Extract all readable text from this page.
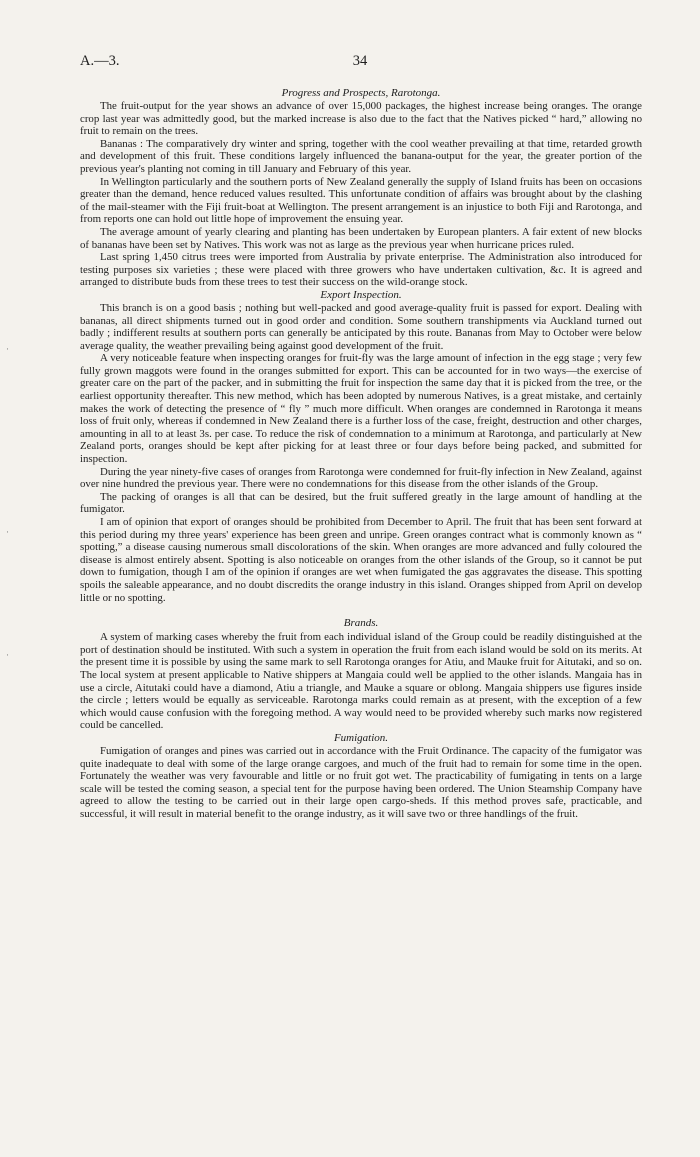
A.—3.	34
Progress and Prospects, Rarotonga.

The fruit-output for the year shows an advance of over 15,000 packages, the highest increase being oranges. The orange crop last year was admittedly good, but the marked increase is also due to the fact that the Natives picked “ hard,” allowing no fruit to remain on the trees.

Bananas : The comparatively dry winter and spring, together with the cool weather prevailing at that time, retarded growth and development of this fruit. These conditions largely influenced the banana-output for the year, the greater portion of the previous year's planting not coming in till January and February of this year.

In Wellington particularly and the southern ports of New Zealand generally the supply of Island fruits has been on occasions greater than the demand, hence reduced values resulted. This unfortunate condition of affairs was brought about by the clashing of the mail-steamer with the Fiji fruit-boat at Wellington. The present arrangement is an injustice to both Fiji and Rarotonga, and from reports one can hold out little hope of improvement the ensuing year.

The average amount of yearly clearing and planting has been undertaken by European planters. A fair extent of new blocks of bananas have been set by Natives. This work was not as large as the previous year when hurricane prices ruled.

Last spring 1,450 citrus trees were imported from Australia by private enterprise. The Administration also introduced for testing purposes six varieties ; these were placed with three growers who have undertaken cultivation, &c. It is agreed and arranged to distribute buds from these trees to test their success on the wild-orange stock.

Export Inspection.

This branch is on a good basis ; nothing but well-packed and good average-quality fruit is passed for export. Dealing with bananas, all direct shipments turned out in good order and condition. Some southern transhipments via Auckland turned out badly ; indifferent results at southern ports can generally be anticipated by this route. Bananas from May to October were below average quality, the weather prevailing being against good development of the fruit.

A very noticeable feature when inspecting oranges for fruit-fly was the large amount of infection in the egg stage ; very few fully grown maggots were found in the oranges submitted for export. This can be accounted for in two ways—the exercise of greater care on the part of the packer, and in submitting the fruit for inspection the same day that it is picked from the tree, or the earliest opportunity thereafter. This new method, which has been adopted by numerous Natives, is a great mistake, and certainly makes the work of detecting the presence of “ fly ” much more difficult. When oranges are condemned in Rarotonga it means loss of fruit only, whereas if condemned in New Zealand there is a further loss of the case, freight, destruction and other charges, amounting in all to at least 3s. per case. To reduce the risk of condemnation to a minimum at Rarotonga, and particularly at New Zealand ports, oranges should be kept after picking for at least three or four days before being packed, and submitted for inspection.

During the year ninety-five cases of oranges from Rarotonga were condemned for fruit-fly infection in New Zealand, against over nine hundred the previous year. There were no condemnations for this disease from the other islands of the Group.

The packing of oranges is all that can be desired, but the fruit suffered greatly in the large amount of handling at the fumigator.

I am of opinion that export of oranges should be prohibited from December to April. The fruit that has been sent forward at this period during my three years' experience has been green and unripe. Green oranges contract what is commonly known as “ spotting,” a disease causing numerous small discolorations of the skin. When oranges are more advanced and fully coloured the disease is almost entirely absent. Spotting is also noticeable on oranges from the other islands of the Group, so it cannot be put down to fumigation, though I am of the opinion if oranges are wet when fumigated the gas aggravates the disease. This spotting spoils the saleable appearance, and no doubt discredits the orange industry in this island. Oranges shipped from April on develop little or no spotting.

Brands.

A system of marking cases whereby the fruit from each individual island of the Group could be readily distinguished at the port of destination should be instituted. With such a system in operation the fruit from each island would be sold on its merits. At the present time it is possible by using the same mark to sell Rarotonga oranges for Atiu, and Mauke fruit for Aitutaki, and so on. The local system at present applicable to Native shippers at Mangaia could well be applied to the other islands. Mangaia has in use a circle, Aitutaki could have a diamond, Atiu a triangle, and Mauke a square or oblong. Mangaia shippers use figures inside the circle ; letters would be equally as serviceable. Rarotonga marks could remain as at present, with the exception of a few which would cause confusion with the foregoing method. A way would need to be provided whereby such marks now registered could be cancelled.

Fumigation.

Fumigation of oranges and pines was carried out in accordance with the Fruit Ordinance. The capacity of the fumigator was quite inadequate to deal with some of the large orange cargoes, and much of the fruit had to remain for some time in the open. Fortunately the weather was very favourable and little or no fruit got wet. The practicability of fumigating in tents on a large scale will be tested the coming season, a special tent for the purpose having been ordered. The Union Steamship Company have agreed to allow the testing to be carried out in their large open cargo-sheds. If this method proves safe, practicable, and successful, it will result in material benefit to the orange industry, as it will save two or three handlings of the fruit.

·
·
·
